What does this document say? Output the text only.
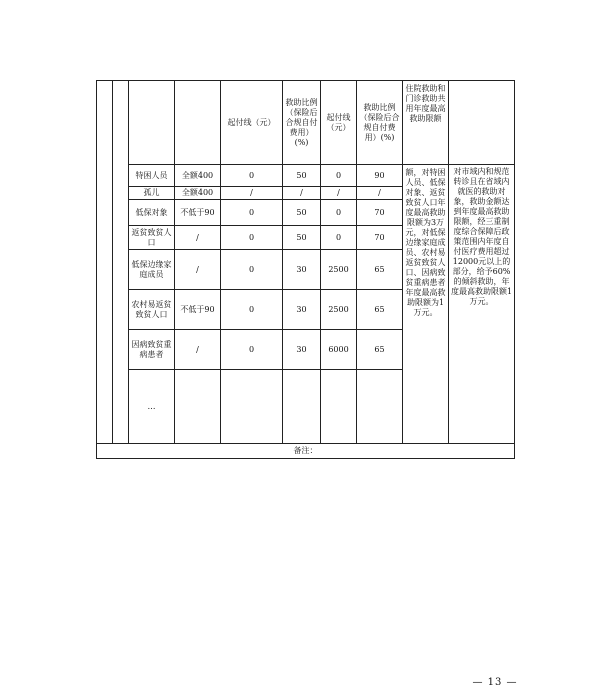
				起付线（元）	救助比例（保险后合规自付费用）(%)	起付线（元）	救助比例（保险后合规自付费用）(%)	住院救助和门诊救助共用年度最高救助限额	
		特困人员	全额400	0	50	0	90	额，对特困人员、低保对象、返贫致贫人口年度最高救助限额为3万元，对低保边缘家庭成员、农村易返贫致贫人口、因病致贫重病患者年度最高救助限额为1万元。	对市域内和规范转诊且在省域内就医的救助对象，救助金额达到年度最高救助限额，经三重制度综合保障后政策范围内年度自付医疗费用超过12000元以上的部分，给予60%的倾斜救助，年度最高救助限额1万元。
		孤儿	全额400	/	/	/	/		
		低保对象	不低于90	0	50	0	70		
		返贫致贫人口	/	0	50	0	70		
		低保边缘家庭成员	/	0	30	2500	65		
		农村易返贫致贫人口	不低于90	0	30	2500	65		
		因病致贫重病患者	/	0	30	6000	65		
		…							
备注：									
— 13 —
